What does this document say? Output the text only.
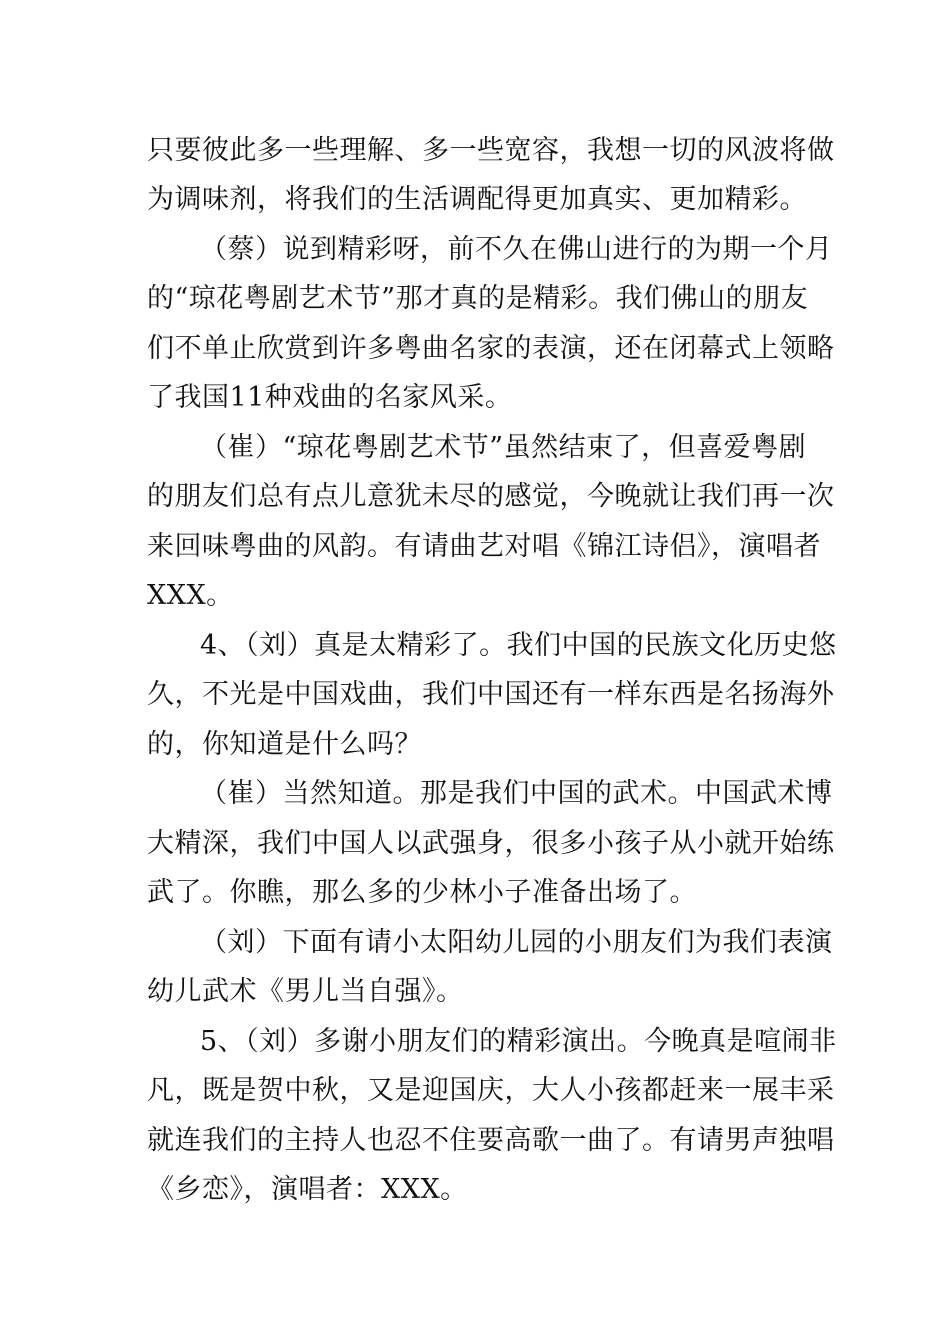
只要彼此多一些理解、多一些宽容，我想一切的风波将做
为调味剂，将我们的生活调配得更加真实、更加精彩。
（蔡）说到精彩呀，前不久在佛山进行的为期一个月
的“琼花粤剧艺术节”那才真的是精彩。我们佛山的朋友
们不单止欣赏到许多粤曲名家的表演，还在闭幕式上领略
了我国11种戏曲的名家风采。
（崔）“琼花粤剧艺术节”虽然结束了，但喜爱粤剧
的朋友们总有点儿意犹未尽的感觉，今晚就让我们再一次
来回味粤曲的风韵。有请曲艺对唱《锦江诗侣》，演唱者
XXX。
4、（刘）真是太精彩了。我们中国的民族文化历史悠
久，不光是中国戏曲，我们中国还有一样东西是名扬海外
的，你知道是什么吗？
（崔）当然知道。那是我们中国的武术。中国武术博
大精深，我们中国人以武强身，很多小孩子从小就开始练
武了。你瞧，那么多的少林小子准备出场了。
（刘）下面有请小太阳幼儿园的小朋友们为我们表演
幼儿武术《男儿当自强》。
5、（刘）多谢小朋友们的精彩演出。今晚真是喧闹非
凡，既是贺中秋，又是迎国庆，大人小孩都赶来一展丰采
就连我们的主持人也忍不住要高歌一曲了。有请男声独唱
《乡恋》，演唱者：XXX。
